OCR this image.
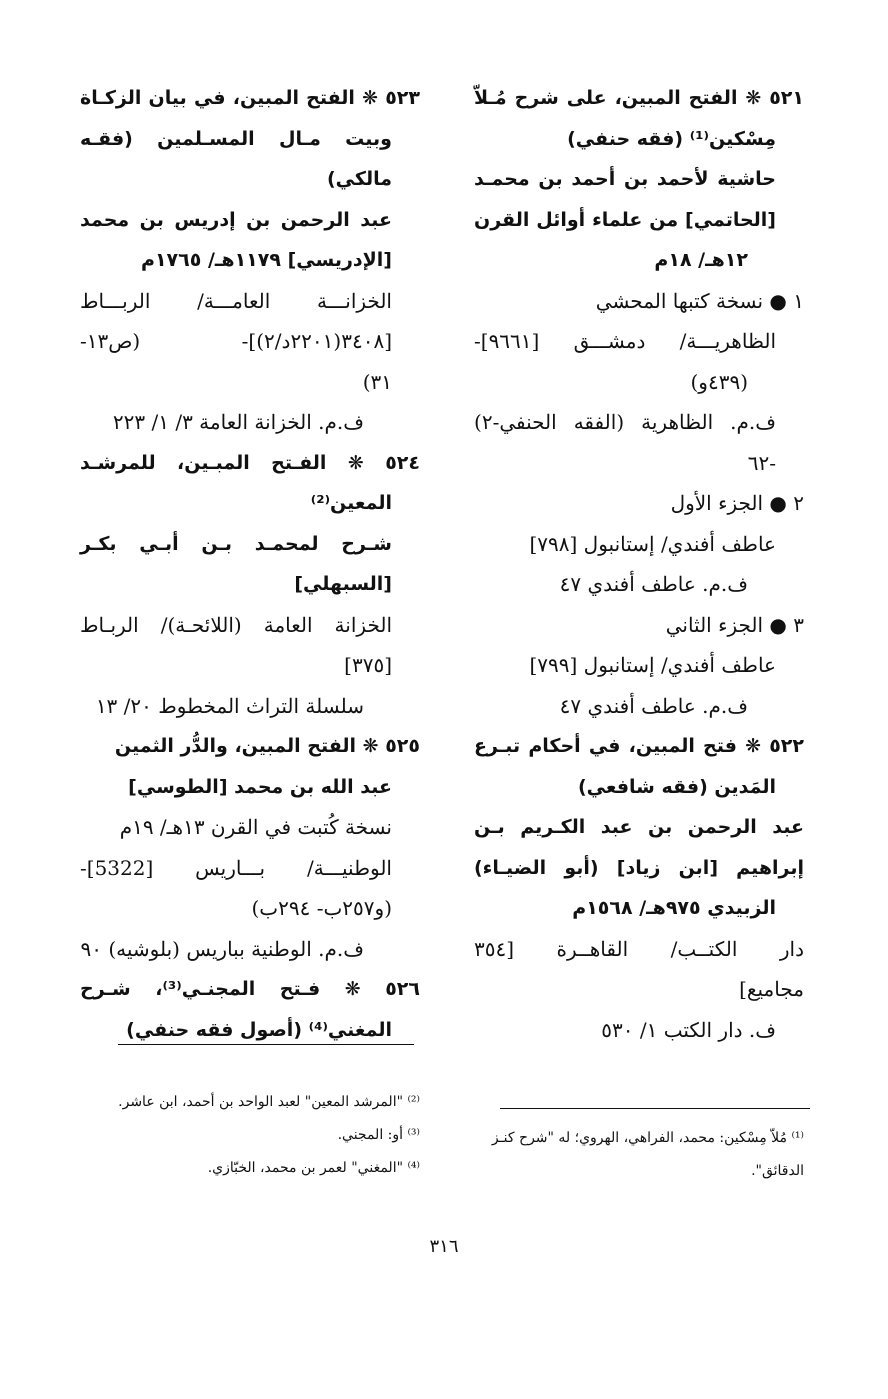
٥٢١ ❋ الفتح المبين، على شرح مُـلاّ

مِسْكين⁽¹⁾ (فقه حنفي)

حاشية لأحمد بن أحمد بن محمـد

[الحاتمي] من علماء أوائل القرن

١٢هـ/ ١٨م

١ ● نسخة كتبها المحشي

الظاهريـــة/ دمشـــق [٩٦٦١]-

(٤٣٩و)

ف.م. الظاهرية (الفقه الحنفي-٢)

-٦٢

٢ ● الجزء الأول

عاطف أفندي/ إستانبول [٧٩٨]

ف.م. عاطف أفندي ٤٧

٣ ● الجزء الثاني

عاطف أفندي/ إستانبول [٧٩٩]

ف.م. عاطف أفندي ٤٧

٥٢٢ ❋ فتح المبين، في أحكام تبـرع

المَدين (فقه شافعي)

عبد الرحمن بن عبد الكـريم بـن

إبراهيم [ابن زياد] (أبو الضيـاء)

الزبيدي ٩٧٥هـ/ ١٥٦٨م

دار الكتــب/ القاهــرة [٣٥٤

مجاميع]

ف. دار الكتب ١/ ٥٣٠

٥٢٣ ❋ الفتح المبين، في بيان الزكـاة

وبيت مـال المسـلمين (فقـه

مالكي)

عبد الرحمن بن إدريس بن محمد

[الإدريسي] ١١٧٩هـ/ ١٧٦٥م

الخزانـــة العامـــة/ الربـــاط

[٣٤٠٨(٢٢٠١د/٢)]- (ص١٣-

٣١)

ف.م. الخزانة العامة ٣/ ١/ ٢٢٣

٥٢٤ ❋ الفـتح المبـين، للمرشـد

المعين⁽²⁾

شـرح لمحمـد بـن أبـي بكـر

[السبهلي]

الخزانة العامة (اللائحـة)/ الربـاط

[٣٧٥]

سلسلة التراث المخطوط ٢٠/ ١٣

٥٢٥ ❋ الفتح المبين، والدُّر الثمين

عبد الله بن محمد [الطوسي]

نسخة كُتبت في القرن ١٣هـ/ ١٩م

الوطنيـــة/ بـــاريس [5322]-

(و٢٥٧ب- ٢٩٤ب)

ف.م. الوطنية بباريس (بلوشيه) ٩٠

٥٢٦ ❋ فـتح المجنـي⁽³⁾، شـرح

المغني⁽⁴⁾ (أصول فقه حنفي)

⁽¹⁾ مُلاّ مِسْكين: محمد، الفراهي، الهروي؛ له "شرح كنـز الدقائق".

⁽²⁾ "المرشد المعين" لعبد الواحد بن أحمد، ابن عاشر.

⁽³⁾ أو: المجني.

⁽⁴⁾ "المغني" لعمر بن محمد، الخبّازي.

٣١٦
